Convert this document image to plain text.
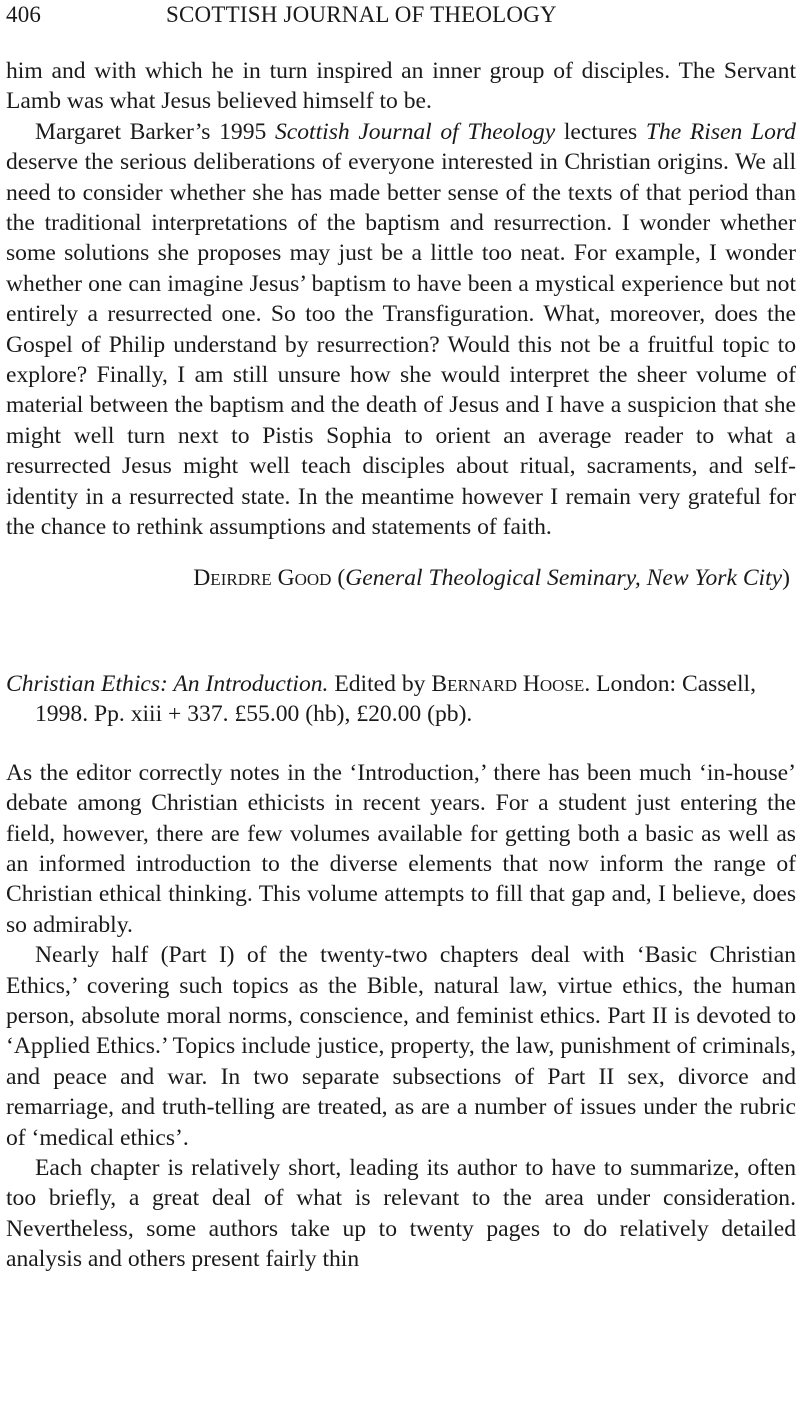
406	SCOTTISH JOURNAL OF THEOLOGY

him and with which he in turn inspired an inner group of disciples. The Servant Lamb was what Jesus believed himself to be.

Margaret Barker’s 1995 Scottish Journal of Theology lectures The Risen Lord deserve the serious deliberations of everyone interested in Christian origins. We all need to consider whether she has made better sense of the texts of that period than the traditional interpretations of the baptism and resurrection. I wonder whether some solutions she proposes may just be a little too neat. For example, I wonder whether one can imagine Jesus’ baptism to have been a mystical experience but not entirely a resurrected one. So too the Transfiguration. What, moreover, does the Gospel of Philip understand by resurrection? Would this not be a fruitful topic to explore? Finally, I am still unsure how she would interpret the sheer volume of material between the baptism and the death of Jesus and I have a suspicion that she might well turn next to Pistis Sophia to orient an average reader to what a resurrected Jesus might well teach disciples about ritual, sacraments, and self-identity in a resurrected state. In the meantime however I remain very grateful for the chance to rethink assumptions and statements of faith.

Deirdre Good (General Theological Seminary, New York City)

Christian Ethics: An Introduction. Edited by Bernard Hoose. London: Cassell, 1998. Pp. xiii + 337. £55.00 (hb), £20.00 (pb).

As the editor correctly notes in the ‘Introduction,’ there has been much ‘in-house’ debate among Christian ethicists in recent years. For a student just entering the field, however, there are few volumes available for getting both a basic as well as an informed introduction to the diverse elements that now inform the range of Christian ethical thinking. This volume attempts to fill that gap and, I believe, does so admirably.

Nearly half (Part I) of the twenty-two chapters deal with ‘Basic Christian Ethics,’ covering such topics as the Bible, natural law, virtue ethics, the human person, absolute moral norms, conscience, and feminist ethics. Part II is devoted to ‘Applied Ethics.’ Topics include justice, property, the law, punishment of criminals, and peace and war. In two separate subsections of Part II sex, divorce and remarriage, and truth-telling are treated, as are a number of issues under the rubric of ‘medical ethics’.

Each chapter is relatively short, leading its author to have to summarize, often too briefly, a great deal of what is relevant to the area under consideration. Nevertheless, some authors take up to twenty pages to do relatively detailed analysis and others present fairly thin
